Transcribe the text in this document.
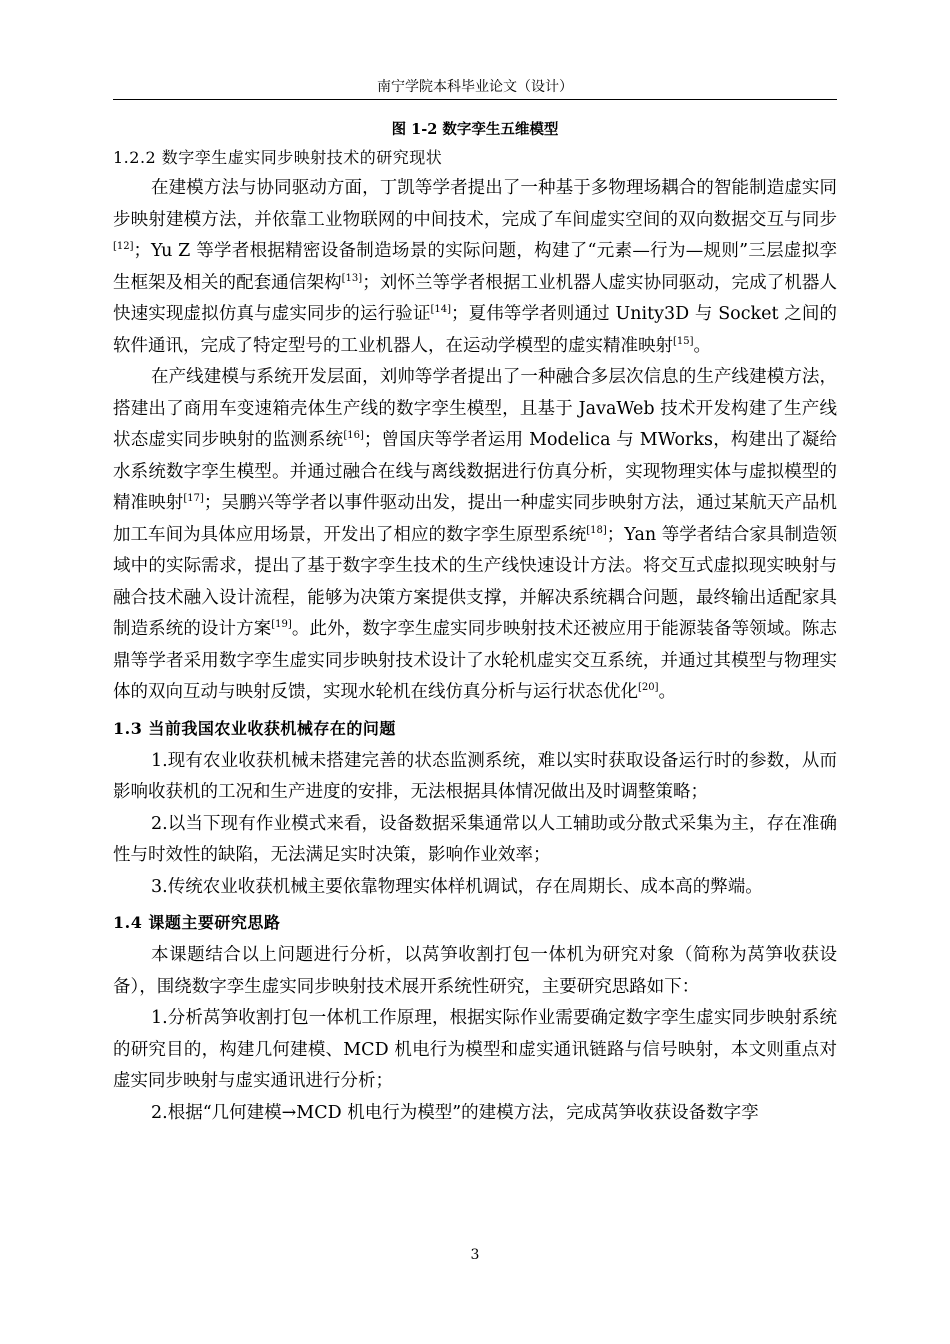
南宁学院本科毕业论文（设计）
图 1-2 数字孪生五维模型
1.2.2 数字孪生虚实同步映射技术的研究现状

在建模方法与协同驱动方面，丁凯等学者提出了一种基于多物理场耦合的智能制造虚实同步映射建模方法，并依靠工业物联网的中间技术，完成了车间虚实空间的双向数据交互与同步[12]；Yu Z 等学者根据精密设备制造场景的实际问题，构建了“元素—行为—规则”三层虚拟孪生框架及相关的配套通信架构[13]；刘怀兰等学者根据工业机器人虚实协同驱动，完成了机器人快速实现虚拟仿真与虚实同步的运行验证[14]；夏伟等学者则通过 Unity3D 与 Socket 之间的软件通讯，完成了特定型号的工业机器人，在运动学模型的虚实精准映射[15]。

在产线建模与系统开发层面，刘帅等学者提出了一种融合多层次信息的生产线建模方法，搭建出了商用车变速箱壳体生产线的数字孪生模型，且基于 JavaWeb 技术开发构建了生产线状态虚实同步映射的监测系统[16]；曾国庆等学者运用 Modelica 与 MWorks，构建出了凝给水系统数字孪生模型。并通过融合在线与离线数据进行仿真分析，实现物理实体与虚拟模型的精准映射[17]；吴鹏兴等学者以事件驱动出发，提出一种虚实同步映射方法，通过某航天产品机加工车间为具体应用场景，开发出了相应的数字孪生原型系统[18]；Yan 等学者结合家具制造领域中的实际需求，提出了基于数字孪生技术的生产线快速设计方法。将交互式虚拟现实映射与融合技术融入设计流程，能够为决策方案提供支撑，并解决系统耦合问题，最终输出适配家具制造系统的设计方案[19]。此外，数字孪生虚实同步映射技术还被应用于能源装备等领域。陈志鼎等学者采用数字孪生虚实同步映射技术设计了水轮机虚实交互系统，并通过其模型与物理实体的双向互动与映射反馈，实现水轮机在线仿真分析与运行状态优化[20]。

1.3 当前我国农业收获机械存在的问题

1.现有农业收获机械未搭建完善的状态监测系统，难以实时获取设备运行时的参数，从而影响收获机的工况和生产进度的安排，无法根据具体情况做出及时调整策略；

2.以当下现有作业模式来看，设备数据采集通常以人工辅助或分散式采集为主，存在准确性与时效性的缺陷，无法满足实时决策，影响作业效率；

3.传统农业收获机械主要依靠物理实体样机调试，存在周期长、成本高的弊端。

1.4 课题主要研究思路

本课题结合以上问题进行分析，以莴笋收割打包一体机为研究对象（简称为莴笋收获设备），围绕数字孪生虚实同步映射技术展开系统性研究，主要研究思路如下：

1.分析莴笋收割打包一体机工作原理，根据实际作业需要确定数字孪生虚实同步映射系统的研究目的，构建几何建模、MCD 机电行为模型和虚实通讯链路与信号映射，本文则重点对虚实同步映射与虚实通讯进行分析；

2.根据“几何建模→MCD 机电行为模型”的建模方法，完成莴笋收获设备数字孪

3
